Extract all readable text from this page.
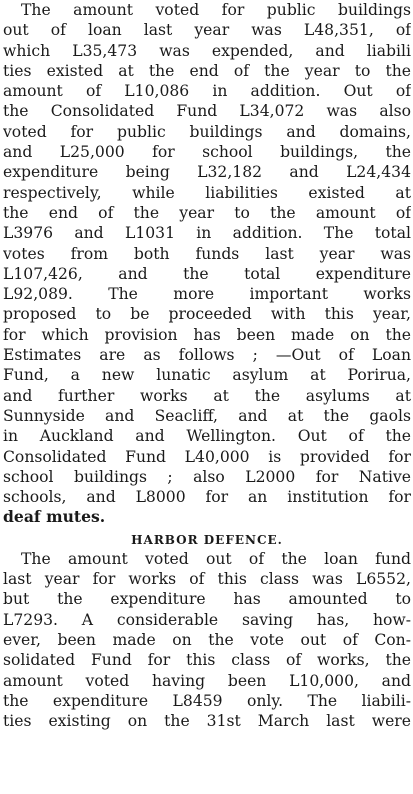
The amount voted for public buildings
out of loan last year was L48,351, of
which L35,473 was expended, and liabili
ties existed at the end of the year to the
amount of L10,086 in addition. Out of
the Consolidated Fund L34,072 was also
voted for public buildings and domains,
and L25,000 for school buildings, the
expenditure being L32,182 and L24,434
respectively, while liabilities existed at
the end of the year to the amount of
L3976 and L1031 in addition. The total
votes from both funds last year was
L107,426, and the total expenditure
L92,089. The more important works
proposed to be proceeded with this year,
for which provision has been made on the
Estimates are as follows ; —Out of Loan
Fund, a new lunatic asylum at Porirua,
and further works at the asylums at
Sunnyside and Seacliff, and at the gaols
in Auckland and Wellington. Out of the
Consolidated Fund L40,000 is provided for
school buildings ; also L2000 for Native
schools, and L8000 for an institution for
deaf mutes.
HARBOR DEFENCE.
The amount voted out of the loan fund
last year for works of this class was L6552,
but the expenditure has amounted to
L7293. A considerable saving has, how-
ever, been made on the vote out of Con-
solidated Fund for this class of works, the
amount voted having been L10,000, and
the expenditure L8459 only. The liabili-
ties existing on the 31st March last were
